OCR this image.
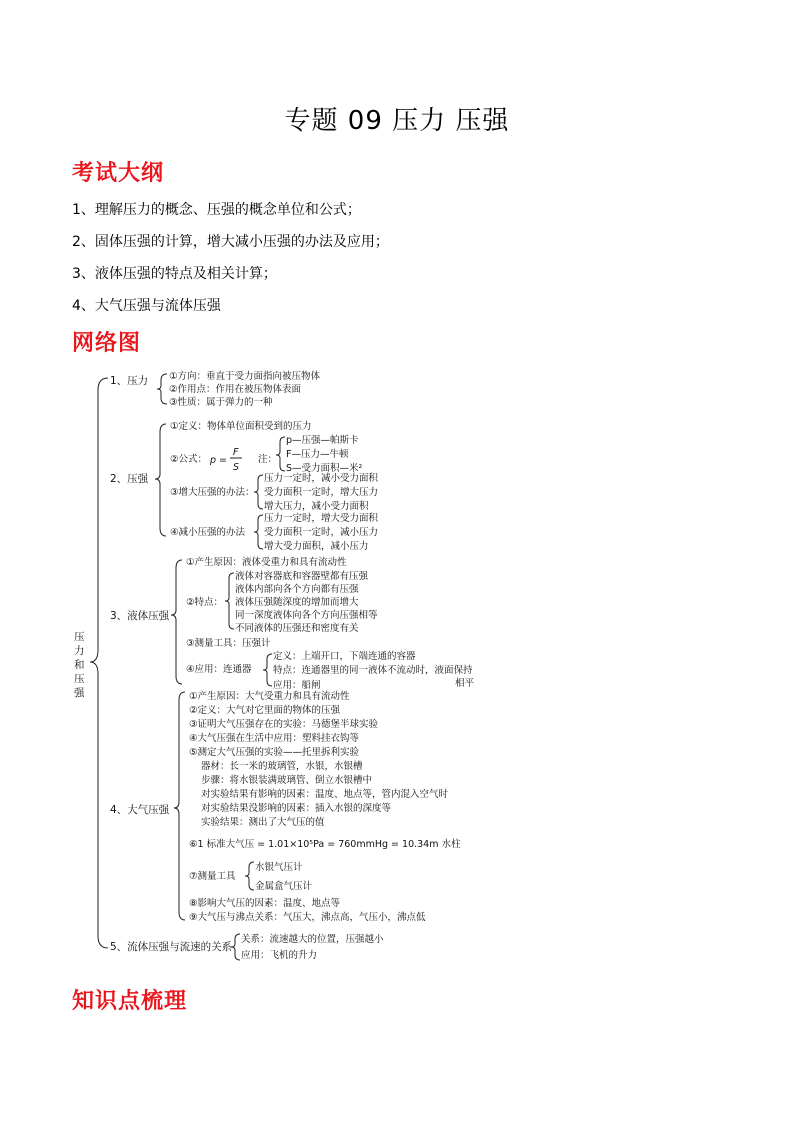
专题 09 压力 压强
考试大纲
1、理解压力的概念、压强的概念单位和公式；
2、固体压强的计算，增大减小压强的办法及应用；
3、液体压强的特点及相关计算；
4、大气压强与流体压强
网络图
压
力
和
压
强
1、压力 ①方向：垂直于受力面指向被压物体
②作用点：作用在被压物体表面
③性质：属于弹力的一种
2、压强
①定义：物体单位面积受到的压力
②公式： p =
F
S
注：
p—压强—帕斯卡
F—压力—牛顿
S—受力面积—米²
③增大压强的办法：
压力一定时，减小受力面积
受力面积一定时，增大压力
增大压力，减小受力面积
④减小压强的办法
压力一定时，增大受力面积
受力面积一定时，减小压力
增大受力面积，减小压力
3、液体压强
①产生原因：液体受重力和具有流动性
②特点：
液体对容器底和容器壁都有压强
液体内部向各个方向都有压强
液体压强随深度的增加而增大
同一深度液体向各个方向压强相等
不同液体的压强还和密度有关
③测量工具：压强计
④应用：连通器
定义：上端开口，下端连通的容器
特点：连通器里的同一液体不流动时，液面保持
相平
应用：船闸
4、大气压强
①产生原因：大气受重力和具有流动性
②定义：大气对它里面的物体的压强
③证明大气压强存在的实验：马德堡半球实验
④大气压强在生活中应用：塑料挂衣钩等
⑤测定大气压强的实验——托里拆利实验
器材：长一米的玻璃管，水银，水银槽
步骤：将水银装满玻璃管、倒立水银槽中
对实验结果有影响的因素：温度、地点等，管内混入空气时
对实验结果没影响的因素：插入水银的深度等
实验结果：测出了大气压的值
⑥1 标准大气压 = 1.01×10⁵Pa = 760mmHg = 10.34m 水柱
⑦测量工具
水银气压计
金属盒气压计
⑧影响大气压的因素：温度、地点等
⑨大气压与沸点关系：气压大，沸点高，气压小，沸点低
5、流体压强与流速的关系
关系：流速越大的位置，压强越小
应用：飞机的升力
知识点梳理
